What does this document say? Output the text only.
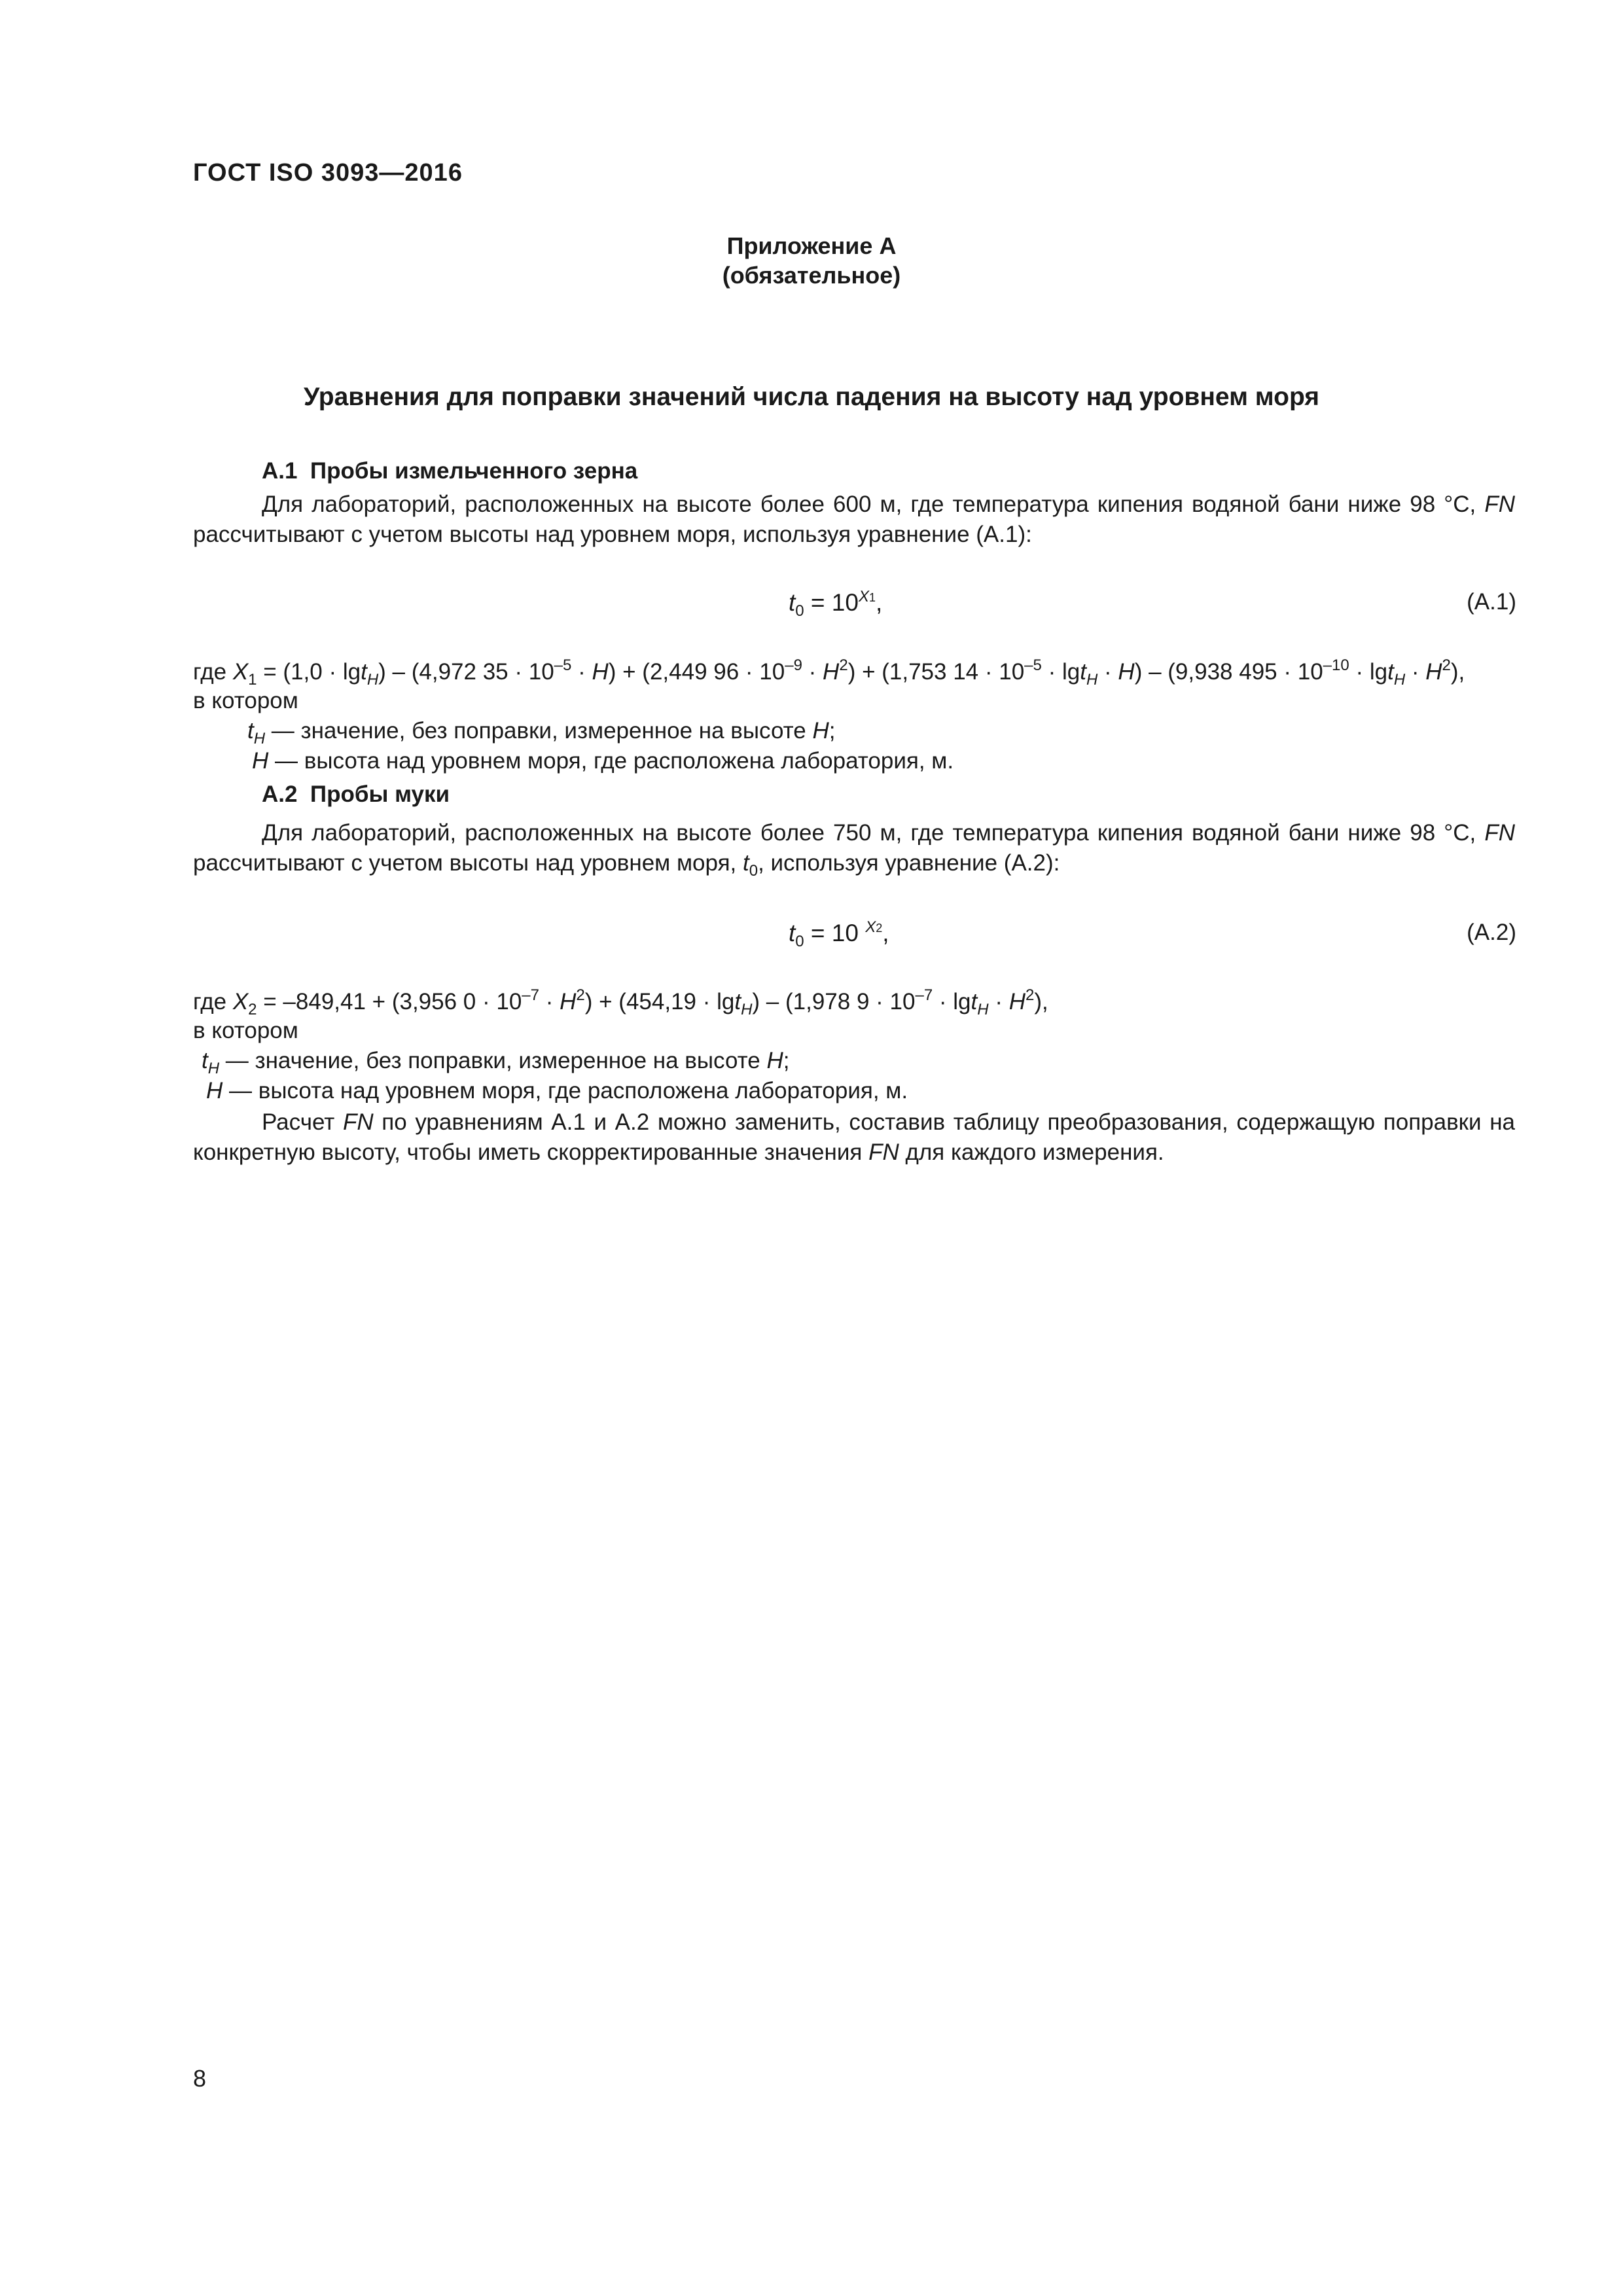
ГОСТ ISO 3093—2016
Приложение А
(обязательное)
Уравнения для поправки значений числа падения на высоту над уровнем моря
А.1 Пробы измельченного зерна
Для лабораторий, расположенных на высоте более 600 м, где температура кипения водяной бани ниже 98 °С, FN рассчитывают с учетом высоты над уровнем моря, используя уравнение (А.1):
$t_0 = 10^{X1}$,	(А.1)
где $X_1 = (1,0 \cdot \lg t_H) - (4,972$ $35 \cdot 10^{-5} \cdot H) + (2,449$ $96 \cdot 10^{-9} \cdot H^2) + (1,753$ $14 \cdot 10^{-5} \cdot \lg t_H \cdot H) - (9,938$ $495 \cdot 10^{-10} \cdot \lg t_H \cdot H^2$),
в котором
$t_H$ — значение, без поправки, измеренное на высоте H;
H — высота над уровнем моря, где расположена лаборатория, м.
А.2 Пробы муки
Для лабораторий, расположенных на высоте более 750 м, где температура кипения водяной бани ниже 98 °С, FN рассчитывают с учетом высоты над уровнем моря, $t_0$, используя уравнение (А.2):
$t_0 = 10$ $^{X2}$,	(А.2)
где $X_2 = -849,41 + (3,956$ $0 \cdot 10^{-7} \cdot H^2) + (454,19 \cdot \lg t_H) - (1,978$ $9 \cdot 10^{-7} \cdot \lg t_H \cdot H^2$),
в котором
$t_H$ — значение, без поправки, измеренное на высоте H;
H — высота над уровнем моря, где расположена лаборатория, м.
Расчет FN по уравнениям А.1 и А.2 можно заменить, составив таблицу преобразования, содержащую поправки на конкретную высоту, чтобы иметь скорректированные значения FN для каждого измерения.
8
